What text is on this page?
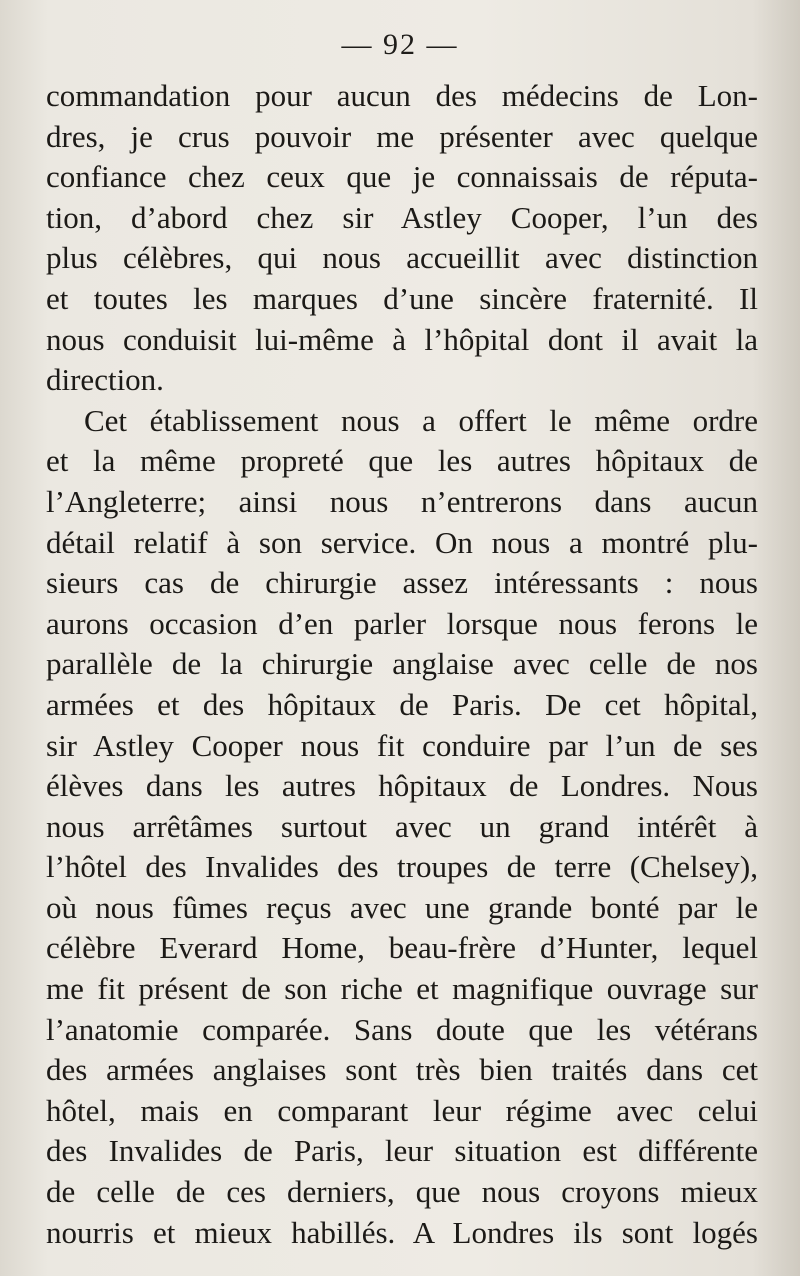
— 92 —
commandation pour aucun des médecins de Lon-
dres, je crus pouvoir me présenter avec quelque
confiance chez ceux que je connaissais de réputa-
tion, d’abord chez sir Astley Cooper, l’un des
plus célèbres, qui nous accueillit avec distinction
et toutes les marques d’une sincère fraternité. Il
nous conduisit lui-même à l’hôpital dont il avait la
direction.
Cet établissement nous a offert le même ordre
et la même propreté que les autres hôpitaux de
l’Angleterre; ainsi nous n’entrerons dans aucun
détail relatif à son service. On nous a montré plu-
sieurs cas de chirurgie assez intéressants : nous
aurons occasion d’en parler lorsque nous ferons le
parallèle de la chirurgie anglaise avec celle de nos
armées et des hôpitaux de Paris. De cet hôpital,
sir Astley Cooper nous fit conduire par l’un de ses
élèves dans les autres hôpitaux de Londres. Nous
nous arrêtâmes surtout avec un grand intérêt à
l’hôtel des Invalides des troupes de terre (Chelsey),
où nous fûmes reçus avec une grande bonté par le
célèbre Everard Home, beau-frère d’Hunter, lequel
me fit présent de son riche et magnifique ouvrage sur
l’anatomie comparée. Sans doute que les vétérans
des armées anglaises sont très bien traités dans cet
hôtel, mais en comparant leur régime avec celui
des Invalides de Paris, leur situation est différente
de celle de ces derniers, que nous croyons mieux
nourris et mieux habillés. A Londres ils sont logés
